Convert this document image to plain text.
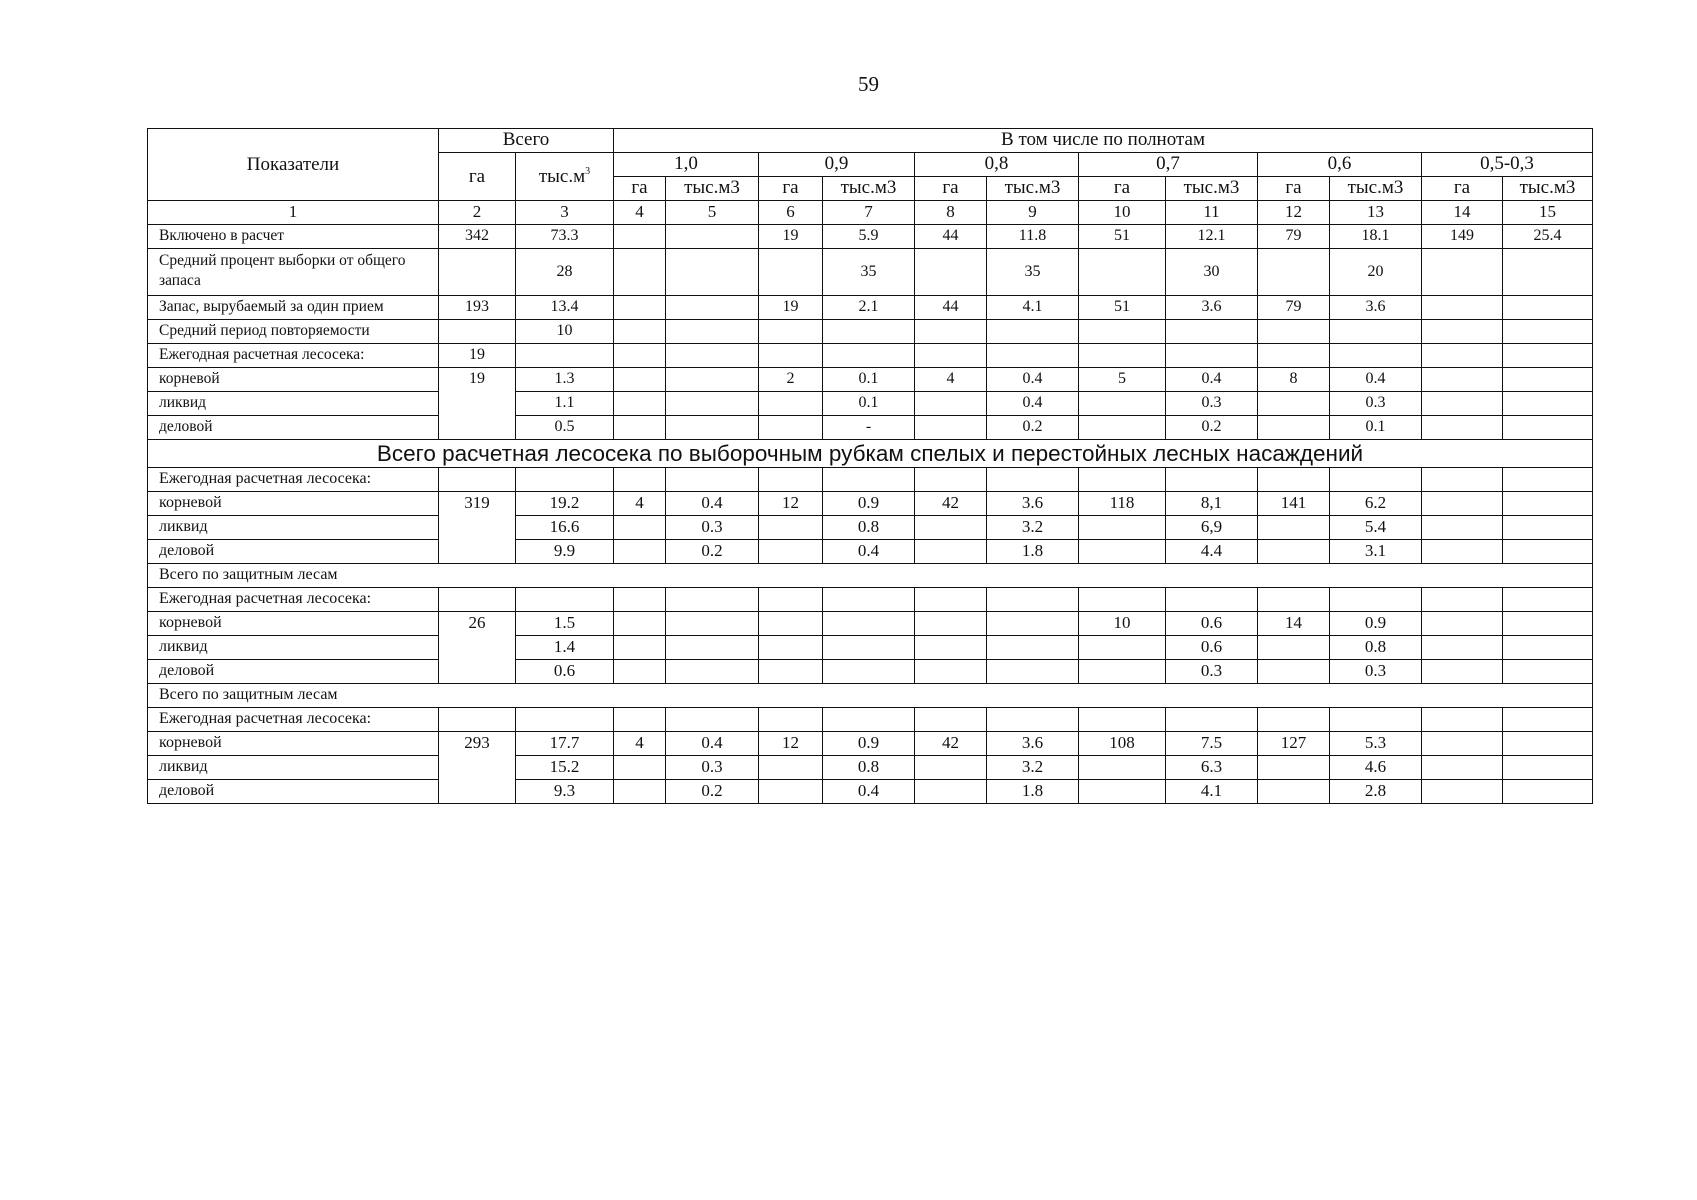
59
Показатели	Всего		В том числе по полнотам											
	га	$тыс.м^3$	1,0		0,9		0,8		0,7		0,6		0,5-0,3	
			га	тыс.м3	га	тыс.м3	га	тыс.м3	га	тыс.м3	га	тыс.м3	га	тыс.м3
1	2	3	4	5	6	7	8	9	10	11	12	13	14	15
Включено в расчет	342	73.3			19	5.9	44	11.8	51	12.1	79	18.1	149	25.4
Средний процент выборки от общего запаса		28				35		35		30		20		
Запас, вырубаемый за один прием	193	13.4			19	2.1	44	4.1	51	3.6	79	3.6		
Средний период повторяемости		10												
Ежегодная расчетная лесосека:	19													
корневой	19	1.3			2	0.1	4	0.4	5	0.4	8	0.4		
ликвид		1.1				0.1		0.4		0.3		0.3		
деловой		0.5				-		0.2		0.2		0.1		
Всего расчетная лесосека по выборочным рубкам спелых и перестойных лесных насаждений														
Ежегодная расчетная лесосека:														
корневой	319	19.2	4	0.4	12	0.9	42	3.6	118	8,1	141	6.2		
ликвид		16.6		0.3		0.8		3.2		6,9		5.4		
деловой		9.9		0.2		0.4		1.8		4.4		3.1		
Всего по защитным лесам														
Ежегодная расчетная лесосека:														
корневой	26	1.5							10	0.6	14	0.9		
ликвид		1.4								0.6		0.8		
деловой		0.6								0.3		0.3		
Всего по защитным лесам														
Ежегодная расчетная лесосека:														
корневой	293	17.7	4	0.4	12	0.9	42	3.6	108	7.5	127	5.3		
ликвид		15.2		0.3		0.8		3.2		6.3		4.6		
деловой		9.3		0.2		0.4		1.8		4.1		2.8		
